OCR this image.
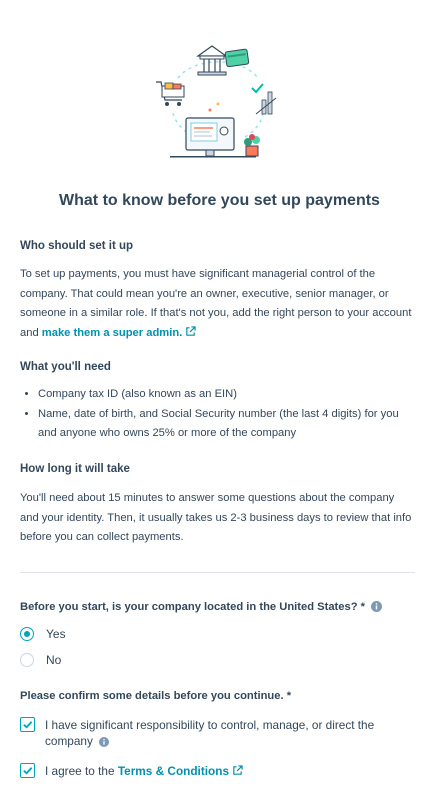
What to know before you set up payments
Who should set it up
To set up payments, you must have significant managerial control of the company. That could mean you're an owner, executive, senior manager, or someone in a similar role. If that's not you, add the right person to your account and make them a super admin.
What you'll need
• Company tax ID (also known as an EIN)
• Name, date of birth, and Social Security number (the last 4 digits) for you and anyone who owns 25% or more of the company
How long it will take
You'll need about 15 minutes to answer some questions about the company and your identity. Then, it usually takes us 2-3 business days to review that info before you can collect payments.
Before you start, is your company located in the United States? *
Yes
No
Please confirm some details before you continue. *
I have significant responsibility to control, manage, or direct the company
I agree to the Terms & Conditions
